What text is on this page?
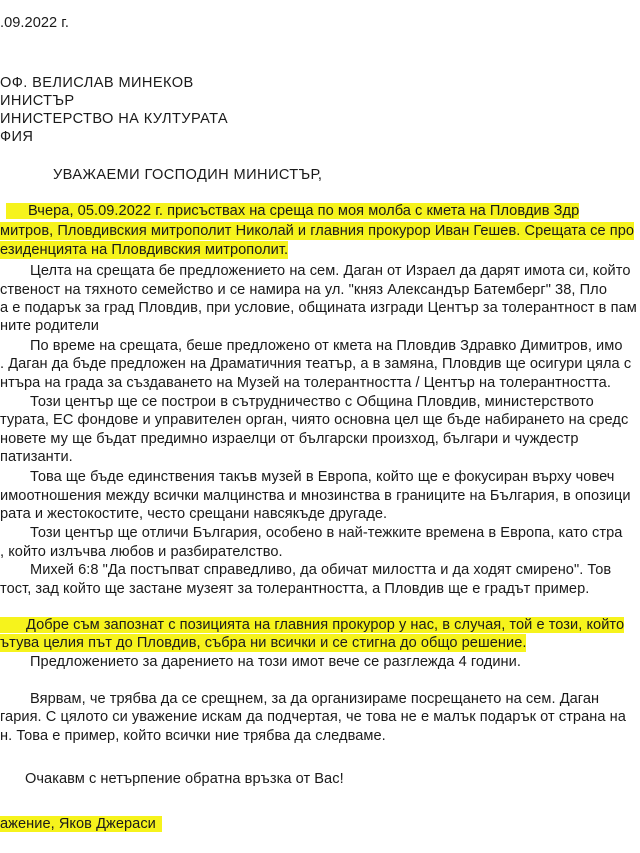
.09.2022 г.
ОФ. ВЕЛИСЛАВ МИНЕКОВ
ИНИСТЪР
ИНИСТЕРСТВО НА КУЛТУРАТА
ФИЯ
УВАЖАЕМИ ГОСПОДИН МИНИСТЪР,
Вчера, 05.09.2022 г. присъствах на среща по моя молба с кмета на Пловдив Здр
митров, Пловдивския митрополит Николай и главния прокурор Иван Гешев. Срещата се про
езиденцията на Пловдивския митрополит.
Целта на срещата бе предложението на сем. Даган от Израел да дарят имота си, който
ственост на тяхното семейство и се намира на ул. "княз Александър Батемберг" 38, Пло
а е подарък за град Пловдив, при условие, общината изгради Център за толерантност в пам
ните родители
По време на срещата, беше предложено от кмета на Пловдив Здравко Димитров, имо
. Даган да бъде предложен на Драматичния театър, а в замяна, Пловдив ще осигури цяла с
нтъра на града за създаването на Музей на толерантността / Център на толерантността.
Този център ще се построи в сътрудничество с Община Пловдив, министерството
турата, ЕС фондове и управителен орган, чиято основна цел ще бъде набирането на средс
новете му ще бъдат предимно израелци от български произход, българи и чуждестр
патизанти.
Това ще бъде единствения такъв музей в Европа, който ще е фокусиран върху човеч
имоотношения между всички малцинства и мнозинства в границите на България, в опозици
рата и жестокостите, често срещани навсякъде другаде.
Този център ще отличи България, особено в най-тежките времена в Европа, като стра
, който излъчва любов и разбирателство.
Михей 6:8 "Да постъпват справедливо, да обичат милостта и да ходят смирено". Тов
тост, зад който ще застане музеят за толерантността, а Пловдив ще е градът пример.
Добре съм запознат с позицията на главния прокурор у нас, в случая, той е този, който
ътува целия път до Пловдив, събра ни всички и се стигна до общо решение.
Предложението за дарението на този имот вече се разглежда 4 години.
Вярвам, че трябва да се срещнем, за да организираме посрещането на сем. Даган
гария. С цялото си уважение искам да подчертая, че това не е малък подарък от страна на
н. Това е пример, който всички ние трябва да следваме.
Очакавм с нетърпение обратна връзка от Вас!
ажение, Яков Джераси
